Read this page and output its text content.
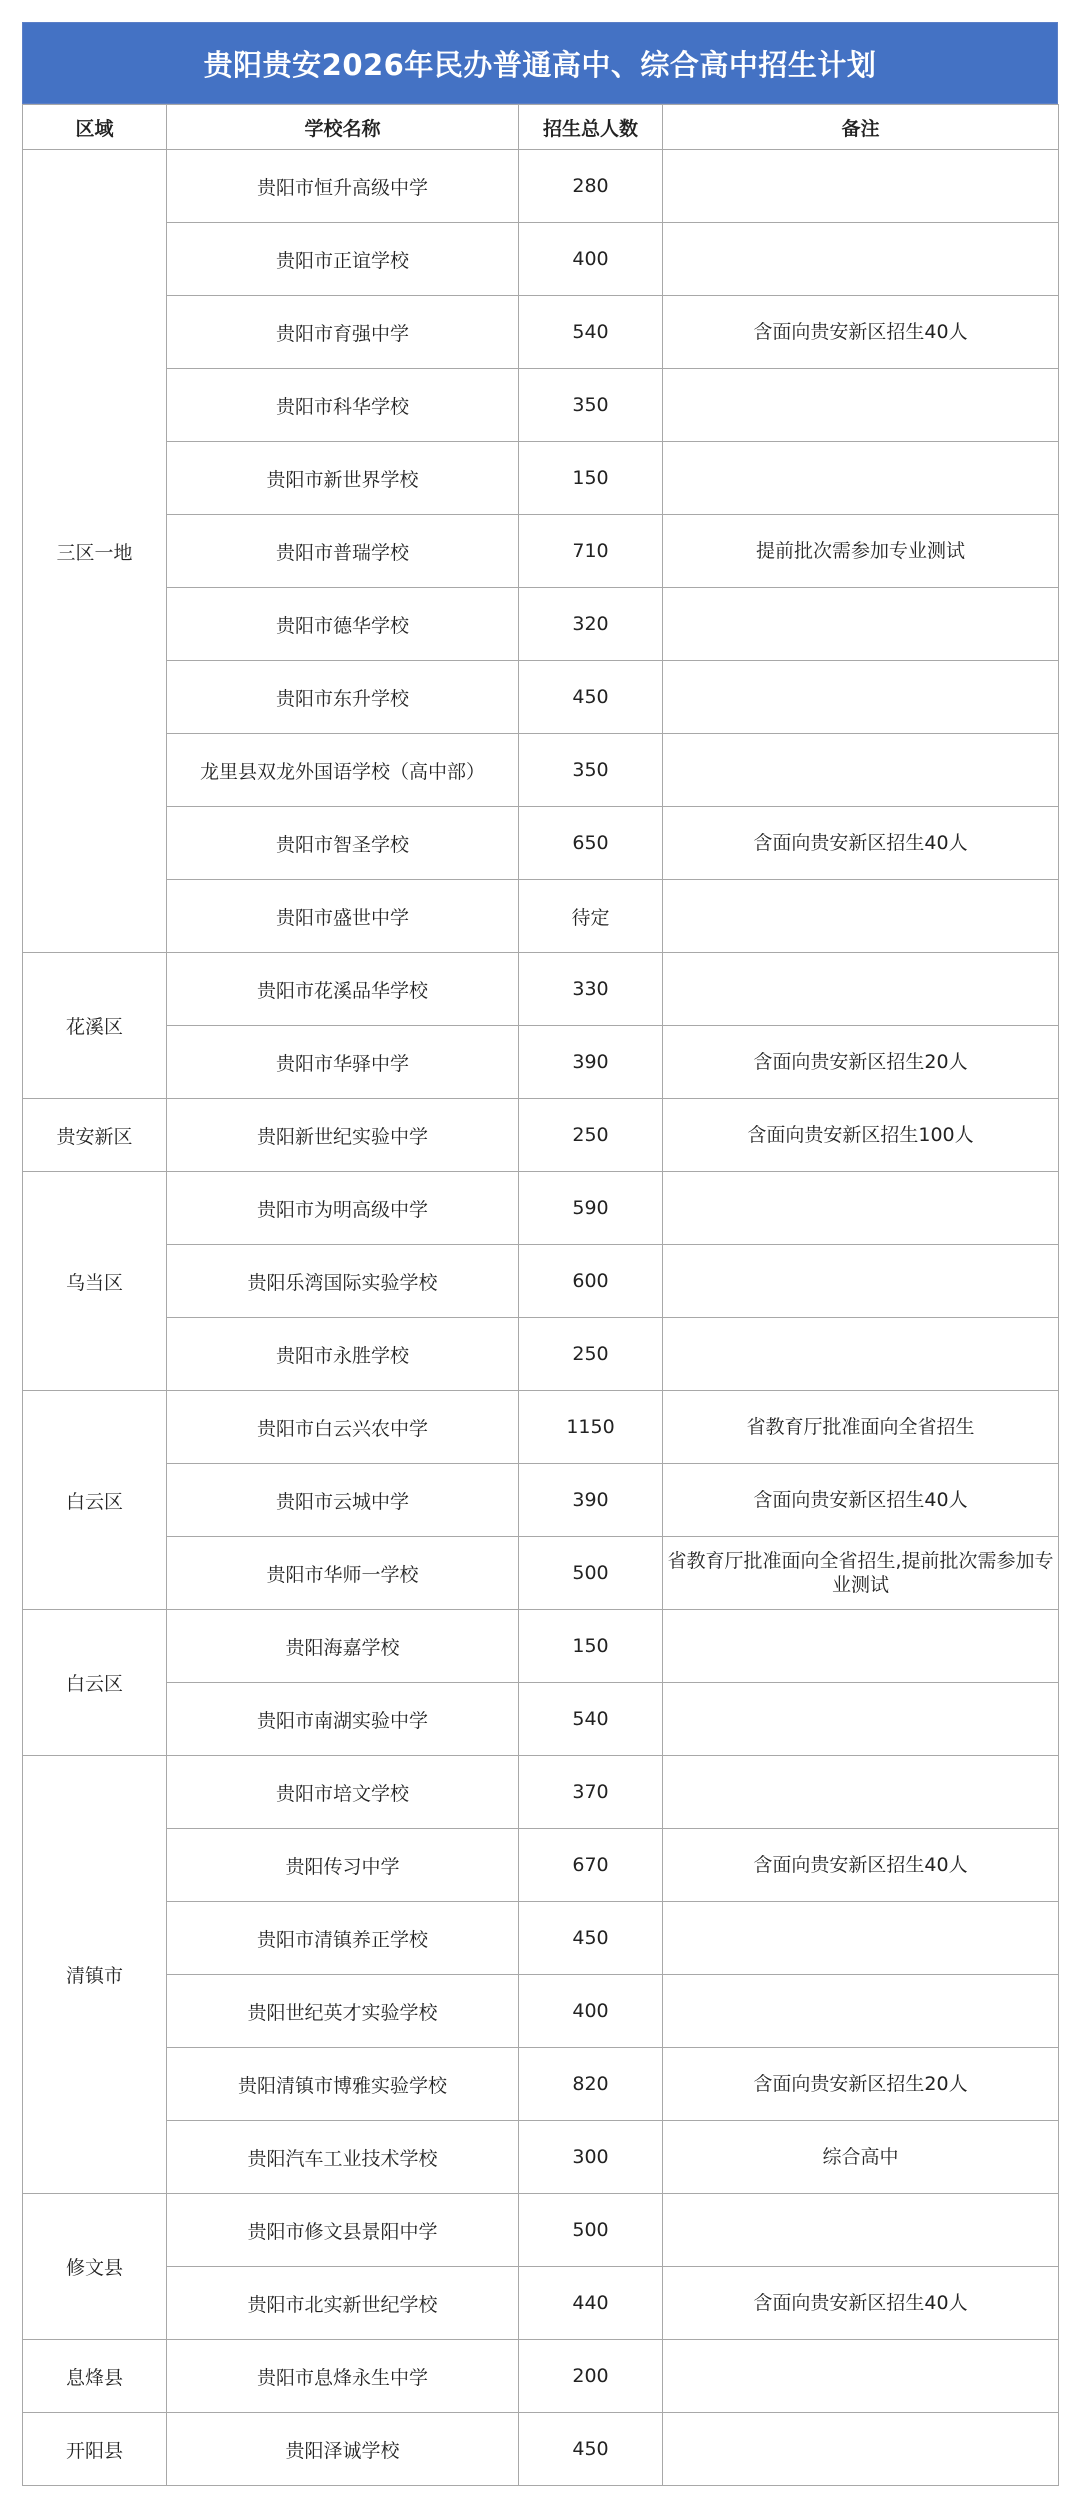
贵阳贵安2026年民办普通高中、综合高中招生计划
区域	学校名称	招生总人数	备注
三区一地	贵阳市恒升高级中学	280	
	贵阳市正谊学校	400	
	贵阳市育强中学	540	含面向贵安新区招生40人
	贵阳市科华学校	350	
	贵阳市新世界学校	150	
	贵阳市普瑞学校	710	提前批次需参加专业测试
	贵阳市德华学校	320	
	贵阳市东升学校	450	
	龙里县双龙外国语学校（高中部）	350	
	贵阳市智圣学校	650	含面向贵安新区招生40人
	贵阳市盛世中学	待定	
花溪区	贵阳市花溪品华学校	330	
	贵阳市华驿中学	390	含面向贵安新区招生20人
贵安新区	贵阳新世纪实验中学	250	含面向贵安新区招生100人
乌当区	贵阳市为明高级中学	590	
	贵阳乐湾国际实验学校	600	
	贵阳市永胜学校	250	
白云区	贵阳市白云兴农中学	1150	省教育厅批准面向全省招生
	贵阳市云城中学	390	含面向贵安新区招生40人
	贵阳市华师一学校	500	省教育厅批准面向全省招生,提前批次需参加专业测试
白云区	贵阳海嘉学校	150	
	贵阳市南湖实验中学	540	
清镇市	贵阳市培文学校	370	
	贵阳传习中学	670	含面向贵安新区招生40人
	贵阳市清镇养正学校	450	
	贵阳世纪英才实验学校	400	
	贵阳清镇市博雅实验学校	820	含面向贵安新区招生20人
	贵阳汽车工业技术学校	300	综合高中
修文县	贵阳市修文县景阳中学	500	
	贵阳市北实新世纪学校	440	含面向贵安新区招生40人
息烽县	贵阳市息烽永生中学	200	
开阳县	贵阳泽诚学校	450	
